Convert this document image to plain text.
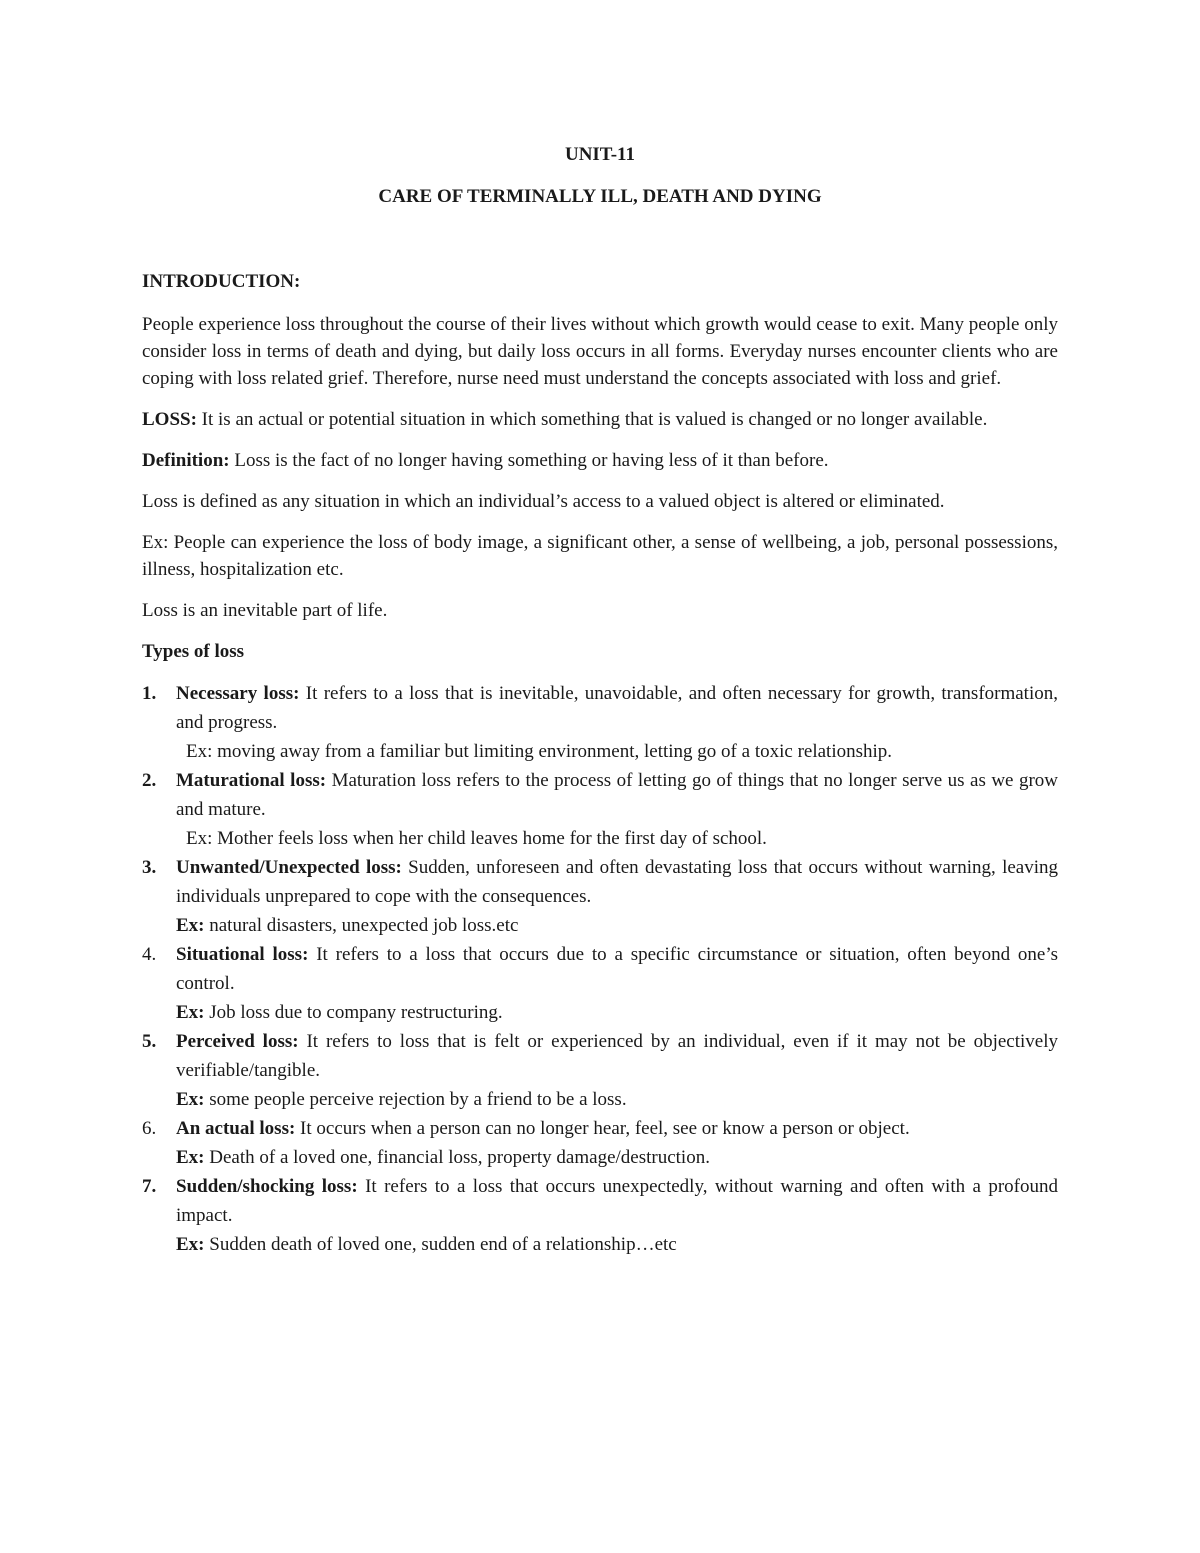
UNIT-11
CARE OF TERMINALLY ILL, DEATH AND DYING
INTRODUCTION:

People experience loss throughout the course of their lives without which growth would cease to exit. Many people only consider loss in terms of death and dying, but daily loss occurs in all forms. Everyday nurses encounter clients who are coping with loss related grief. Therefore, nurse need must understand the concepts associated with loss and grief.

LOSS: It is an actual or potential situation in which something that is valued is changed or no longer available.

Definition: Loss is the fact of no longer having something or having less of it than before.

Loss is defined as any situation in which an individual’s access to a valued object is altered or eliminated.

Ex: People can experience the loss of body image, a significant other, a sense of wellbeing, a job, personal possessions, illness, hospitalization etc.

Loss is an inevitable part of life.

Types of loss
1. Necessary loss: It refers to a loss that is inevitable, unavoidable, and often necessary for growth, transformation, and progress.
Ex: moving away from a familiar but limiting environment, letting go of a toxic relationship.
2. Maturational loss: Maturation loss refers to the process of letting go of things that no longer serve us as we grow and mature.
Ex: Mother feels loss when her child leaves home for the first day of school.
3. Unwanted/Unexpected loss: Sudden, unforeseen and often devastating loss that occurs without warning, leaving individuals unprepared to cope with the consequences.
Ex: natural disasters, unexpected job loss.etc
4. Situational loss: It refers to a loss that occurs due to a specific circumstance or situation, often beyond one’s control.
Ex: Job loss due to company restructuring.
5. Perceived loss: It refers to loss that is felt or experienced by an individual, even if it may not be objectively verifiable/tangible.
Ex: some people perceive rejection by a friend to be a loss.
6. An actual loss: It occurs when a person can no longer hear, feel, see or know a person or object.
Ex: Death of a loved one, financial loss, property damage/destruction.
7. Sudden/shocking loss: It refers to a loss that occurs unexpectedly, without warning and often with a profound impact.
Ex: Sudden death of loved one, sudden end of a relationship…etc
